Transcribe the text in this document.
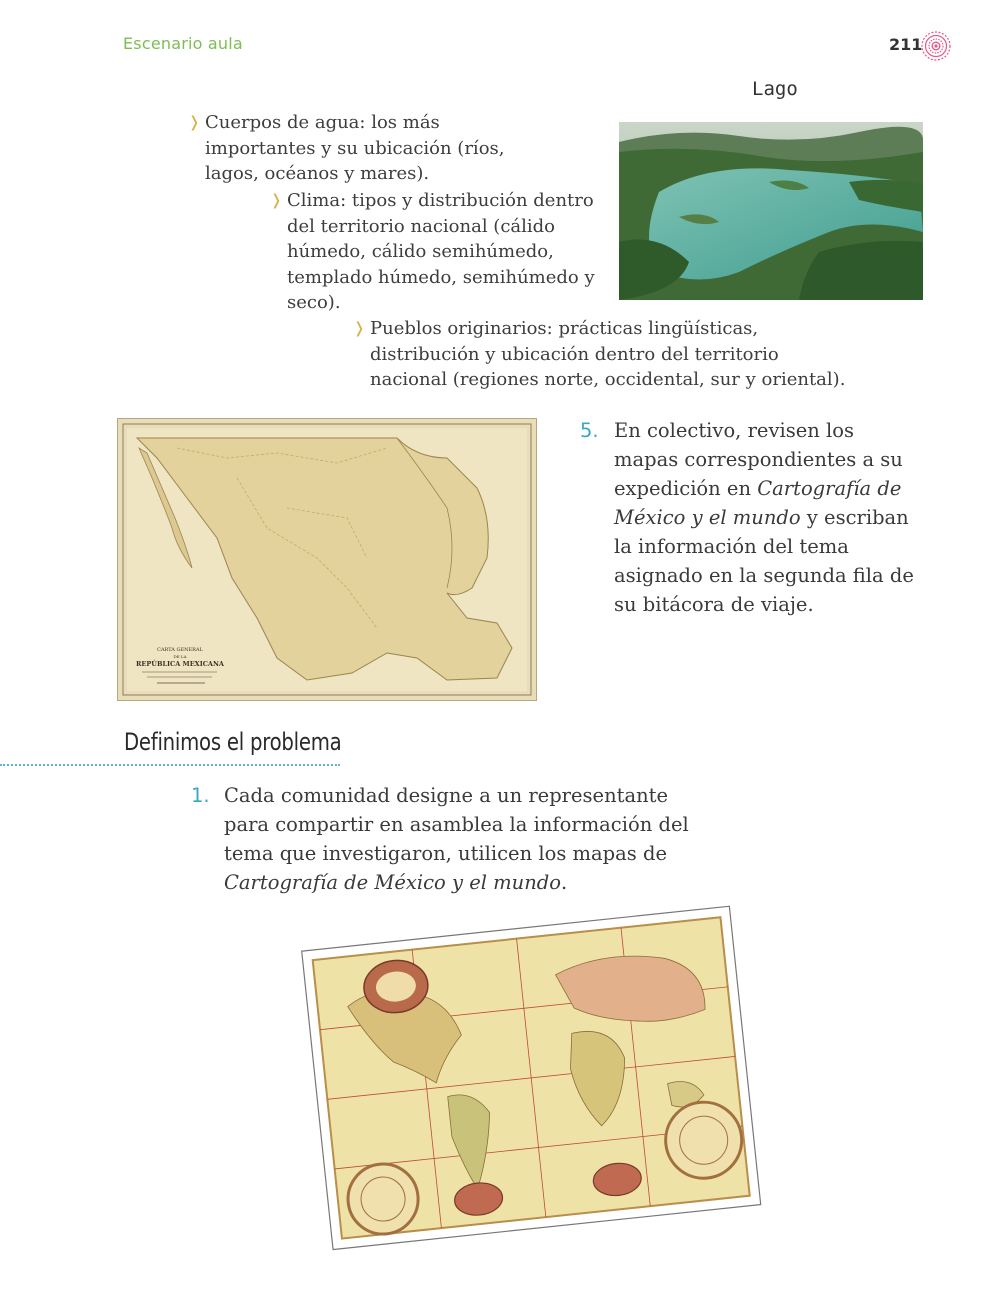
Escenario aula	211
Lago
❭ Cuerpos de agua: los más importantes y su ubicación (ríos, lagos, océanos y mares).
❭ Clima: tipos y distribución dentro del territorio nacional (cálido húmedo, cálido semihúmedo, templado húmedo, semihúmedo y seco).
❭ Pueblos originarios: prácticas lingüísticas, distribución y ubicación dentro del territorio nacional (regiones norte, occidental, sur y oriental).
CARTA GENERAL
DE LA
REPÚBLICA MEXICANA
5. En colectivo, revisen los mapas correspondientes a su expedición en Cartografía de México y el mundo y escriban la información del tema asignado en la segunda fila de su bitácora de viaje.
Definimos el problema
1. Cada comunidad designe a un representante para compartir en asamblea la información del tema que investigaron, utilicen los mapas de Cartografía de México y el mundo.
